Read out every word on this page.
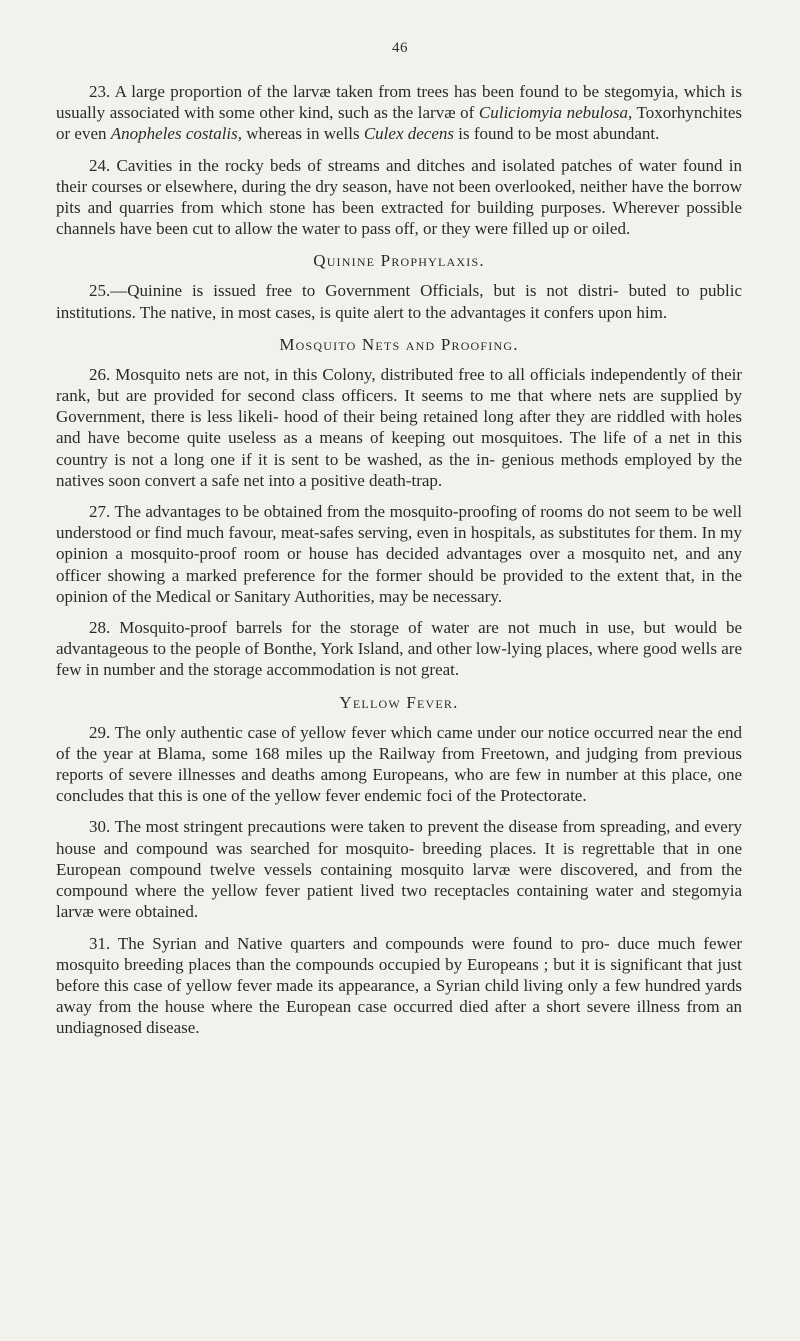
46

23. A large proportion of the larvæ taken from trees has been found to be stegomyia, which is usually associated with some other kind, such as the larvæ of Culiciomyia nebulosa, Toxorhynchites or even Anopheles costalis, whereas in wells Culex decens is found to be most abundant.

24. Cavities in the rocky beds of streams and ditches and isolated patches of water found in their courses or elsewhere, during the dry season, have not been overlooked, neither have the borrow pits and quarries from which stone has been extracted for building purposes. Wherever possible channels have been cut to allow the water to pass off, or they were filled up or oiled.

Quinine Prophylaxis.

25.—Quinine is issued free to Government Officials, but is not distri- buted to public institutions. The native, in most cases, is quite alert to the advantages it confers upon him.

Mosquito Nets and Proofing.

26. Mosquito nets are not, in this Colony, distributed free to all officials independently of their rank, but are provided for second class officers. It seems to me that where nets are supplied by Government, there is less likeli- hood of their being retained long after they are riddled with holes and have become quite useless as a means of keeping out mosquitoes. The life of a net in this country is not a long one if it is sent to be washed, as the in- genious methods employed by the natives soon convert a safe net into a positive death-trap.

27. The advantages to be obtained from the mosquito-proofing of rooms do not seem to be well understood or find much favour, meat-safes serving, even in hospitals, as substitutes for them. In my opinion a mosquito-proof room or house has decided advantages over a mosquito net, and any officer showing a marked preference for the former should be provided to the extent that, in the opinion of the Medical or Sanitary Authorities, may be necessary.

28. Mosquito-proof barrels for the storage of water are not much in use, but would be advantageous to the people of Bonthe, York Island, and other low-lying places, where good wells are few in number and the storage accommodation is not great.

Yellow Fever.

29. The only authentic case of yellow fever which came under our notice occurred near the end of the year at Blama, some 168 miles up the Railway from Freetown, and judging from previous reports of severe illnesses and deaths among Europeans, who are few in number at this place, one concludes that this is one of the yellow fever endemic foci of the Protectorate.

30. The most stringent precautions were taken to prevent the disease from spreading, and every house and compound was searched for mosquito- breeding places. It is regrettable that in one European compound twelve vessels containing mosquito larvæ were discovered, and from the compound where the yellow fever patient lived two receptacles containing water and stegomyia larvæ were obtained.

31. The Syrian and Native quarters and compounds were found to pro- duce much fewer mosquito breeding places than the compounds occupied by Europeans ; but it is significant that just before this case of yellow fever made its appearance, a Syrian child living only a few hundred yards away from the house where the European case occurred died after a short severe illness from an undiagnosed disease.
